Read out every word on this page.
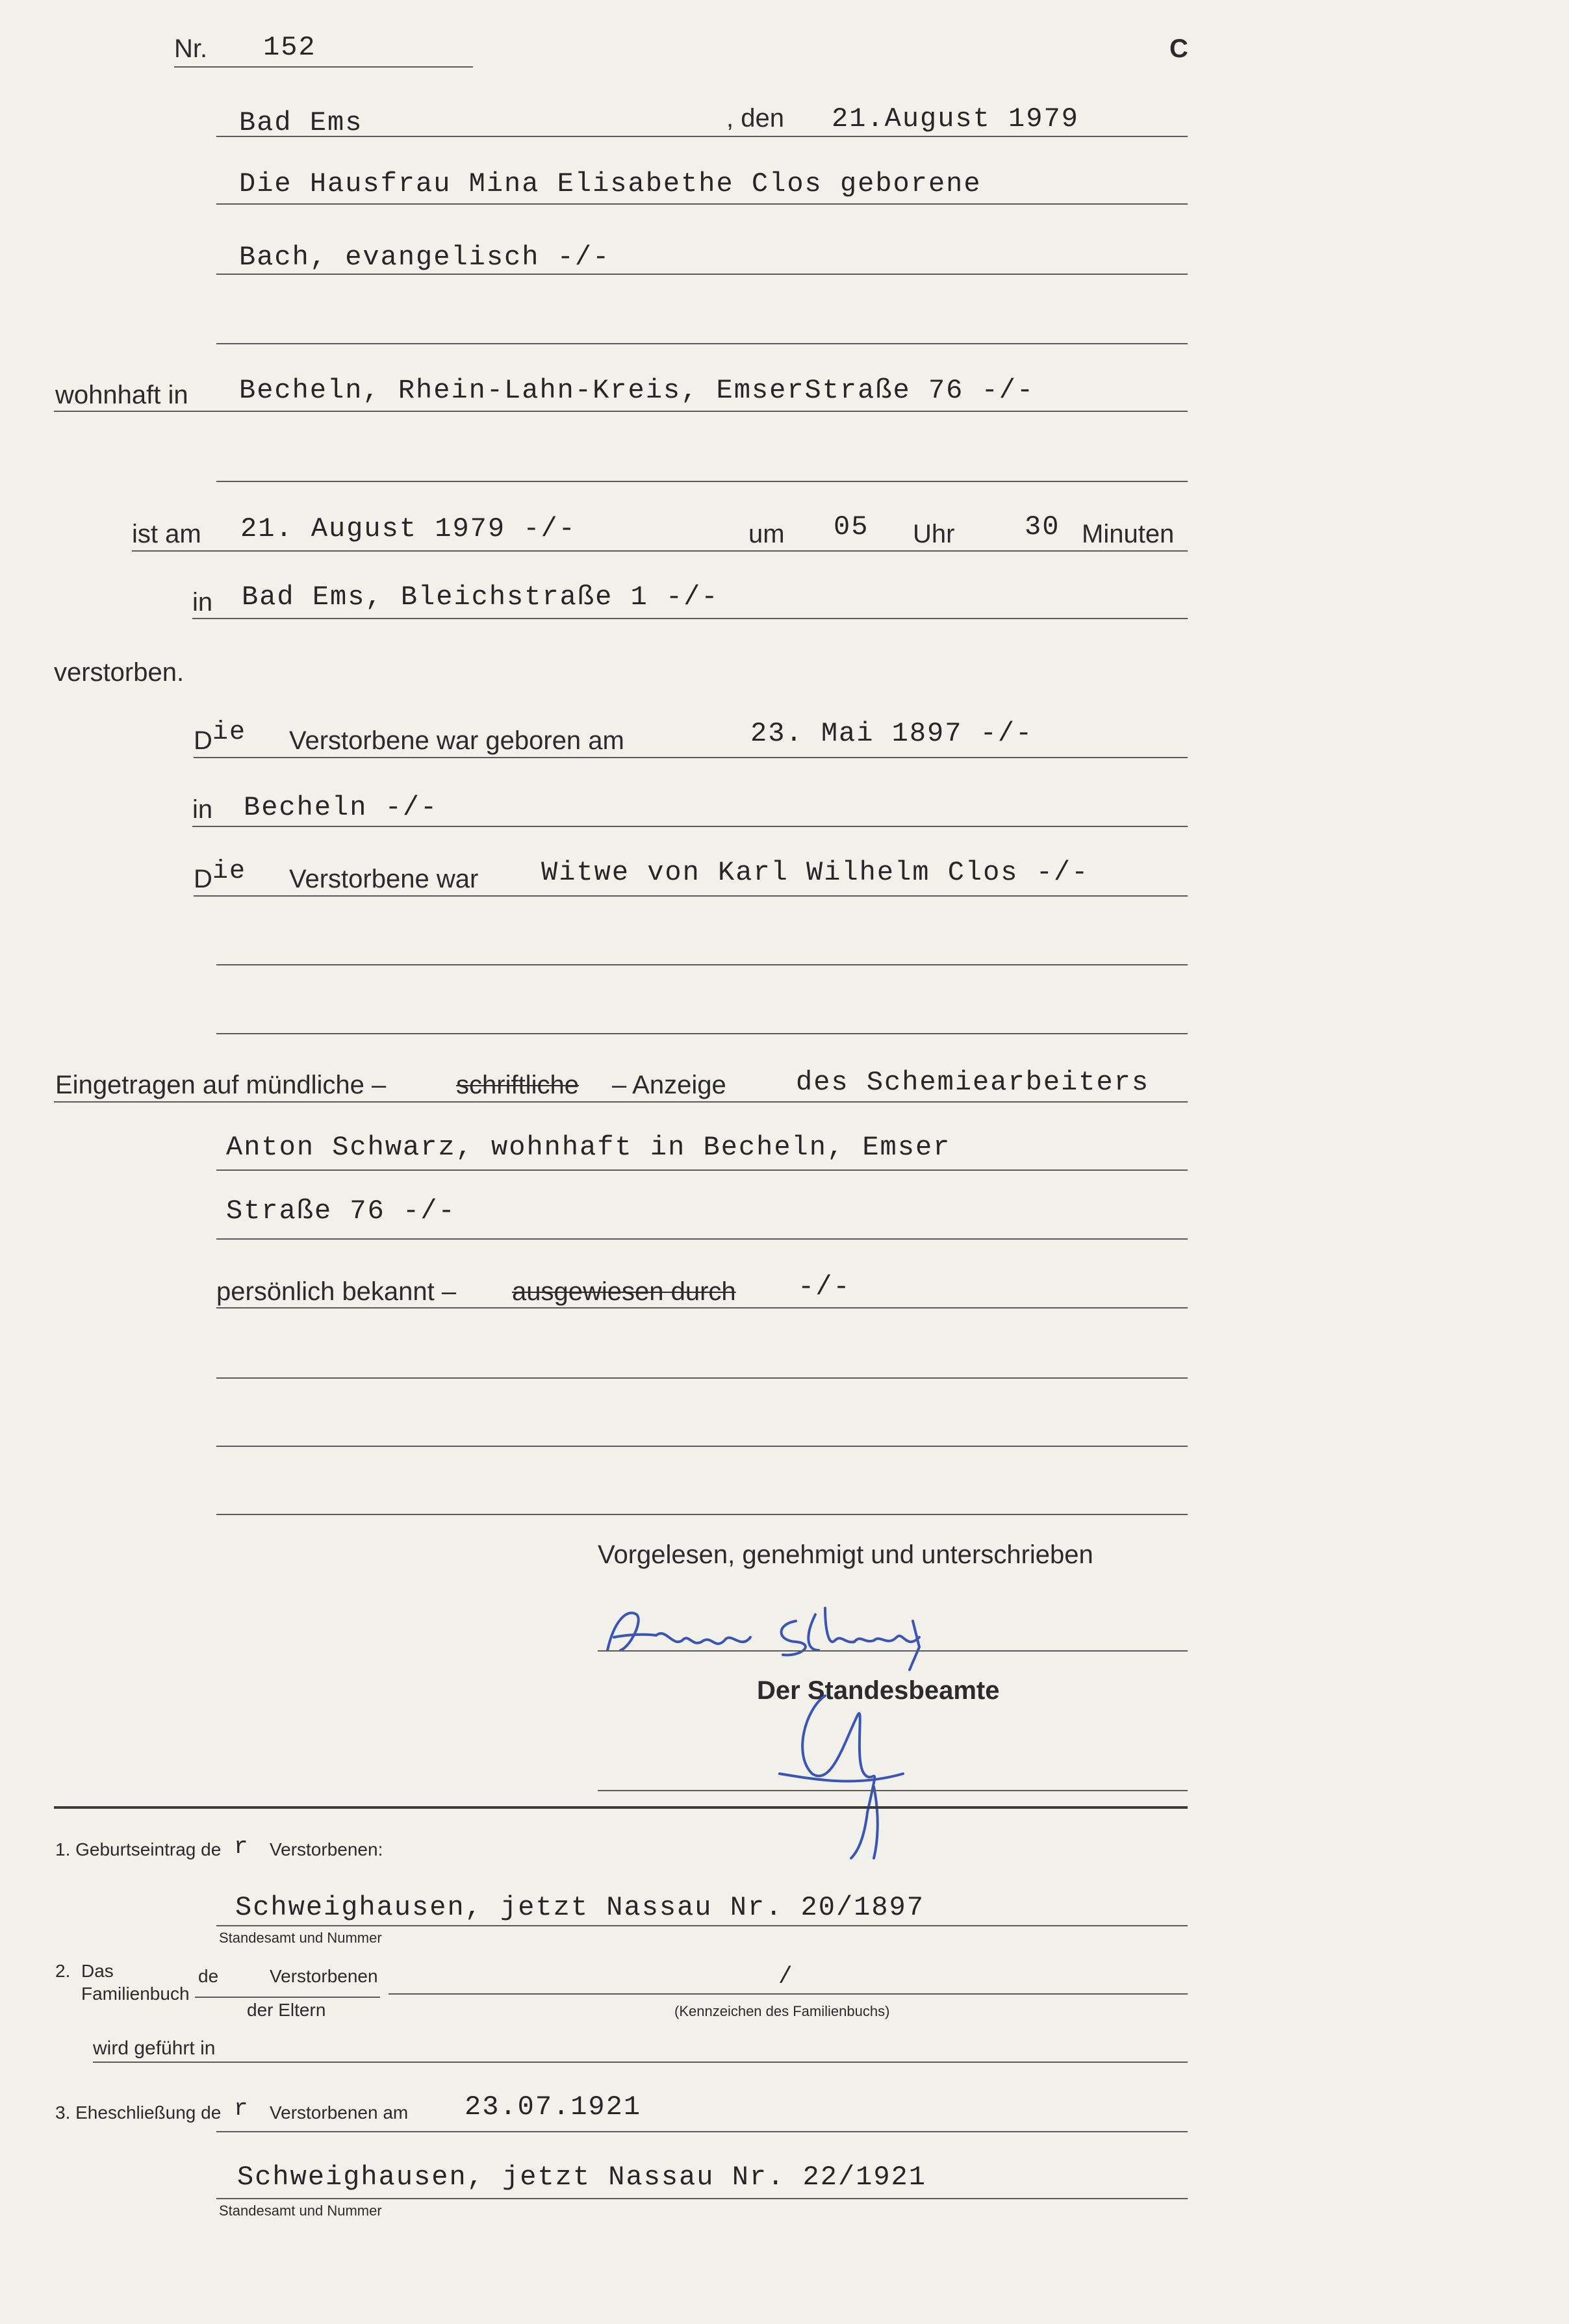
Nr. 152	C
Bad Ems	, den 21.August 1979
Die Hausfrau Mina Elisabethe Clos geborene
Bach, evangelisch -/-
wohnhaft in Becheln, Rhein-Lahn-Kreis, EmserStraße 76 -/-
ist am 21. August 1979 -/-	um 05 Uhr	30 Minuten
in Bad Ems, Bleichstraße 1 -/-
verstorben.
D ie Verstorbene war geboren am	23. Mai 1897 -/-
in Becheln -/-
D ie Verstorbene war Witwe von Karl Wilhelm Clos -/-
Eingetragen auf mündliche –	schriftliche – Anzeige	des Schemiearbeiters
Anton Schwarz, wohnhaft in Becheln, Emser
Straße 76 -/-
persönlich bekannt – ausgewiesen durch -/-
Vorgelesen, genehmigt und unterschrieben
Der Standesbeamte
1. Geburtseintrag de r Verstorbenen:
Schweighausen, jetzt Nassau Nr. 20/1897
Standesamt und Nummer
2. Das
Familienbuch
de	Verstorbenen
der Eltern
/
(Kennzeichen des Familienbuchs)
wird geführt in
3. Eheschließung de r Verstorbenen am 23.07.1921
Schweighausen, jetzt Nassau Nr. 22/1921
Standesamt und Nummer
